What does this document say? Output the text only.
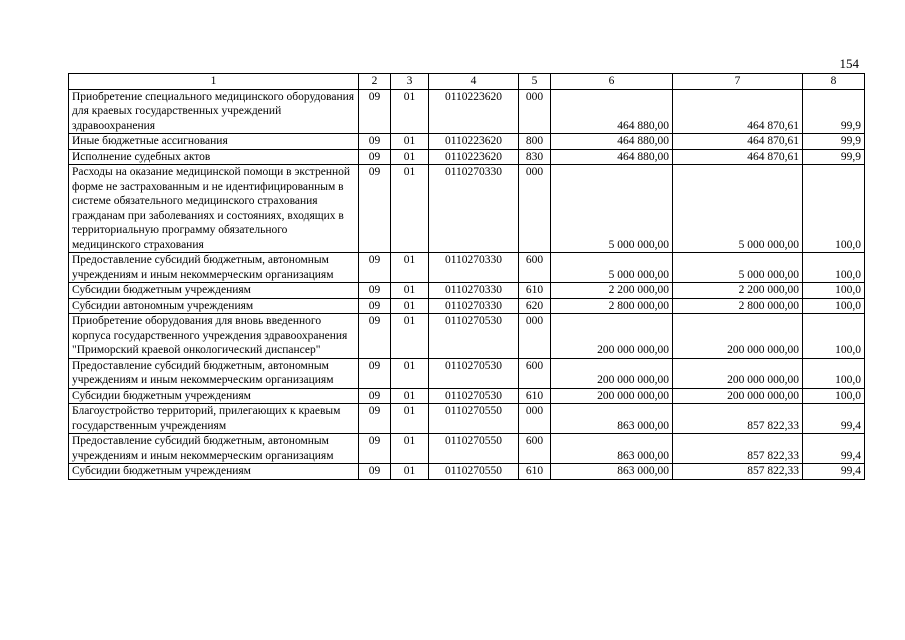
154
1	2	3	4	5	6	7	8
Приобретение специального медицинского оборудования для краевых государственных учреждений здравоохранения	09	01	0110223620	000	464 880,00	464 870,61	99,9
Иные бюджетные ассигнования	09	01	0110223620	800	464 880,00	464 870,61	99,9
Исполнение судебных актов	09	01	0110223620	830	464 880,00	464 870,61	99,9
Расходы на оказание медицинской помощи в экстренной форме не застрахованным и не идентифицированным в системе обязательного медицинского страхования гражданам при заболеваниях и состояниях, входящих в территориальную программу обязательного медицинского страхования	09	01	0110270330	000	5 000 000,00	5 000 000,00	100,0
Предоставление субсидий бюджетным, автономным учреждениям и иным некоммерческим организациям	09	01	0110270330	600	5 000 000,00	5 000 000,00	100,0
Субсидии бюджетным учреждениям	09	01	0110270330	610	2 200 000,00	2 200 000,00	100,0
Субсидии автономным учреждениям	09	01	0110270330	620	2 800 000,00	2 800 000,00	100,0
Приобретение оборудования для вновь введенного корпуса государственного учреждения здравоохранения "Приморский краевой онкологический диспансер"	09	01	0110270530	000	200 000 000,00	200 000 000,00	100,0
Предоставление субсидий бюджетным, автономным учреждениям и иным некоммерческим организациям	09	01	0110270530	600	200 000 000,00	200 000 000,00	100,0
Субсидии бюджетным учреждениям	09	01	0110270530	610	200 000 000,00	200 000 000,00	100,0
Благоустройство территорий, прилегающих к краевым государственным учреждениям	09	01	0110270550	000	863 000,00	857 822,33	99,4
Предоставление субсидий бюджетным, автономным учреждениям и иным некоммерческим организациям	09	01	0110270550	600	863 000,00	857 822,33	99,4
Субсидии бюджетным учреждениям	09	01	0110270550	610	863 000,00	857 822,33	99,4
